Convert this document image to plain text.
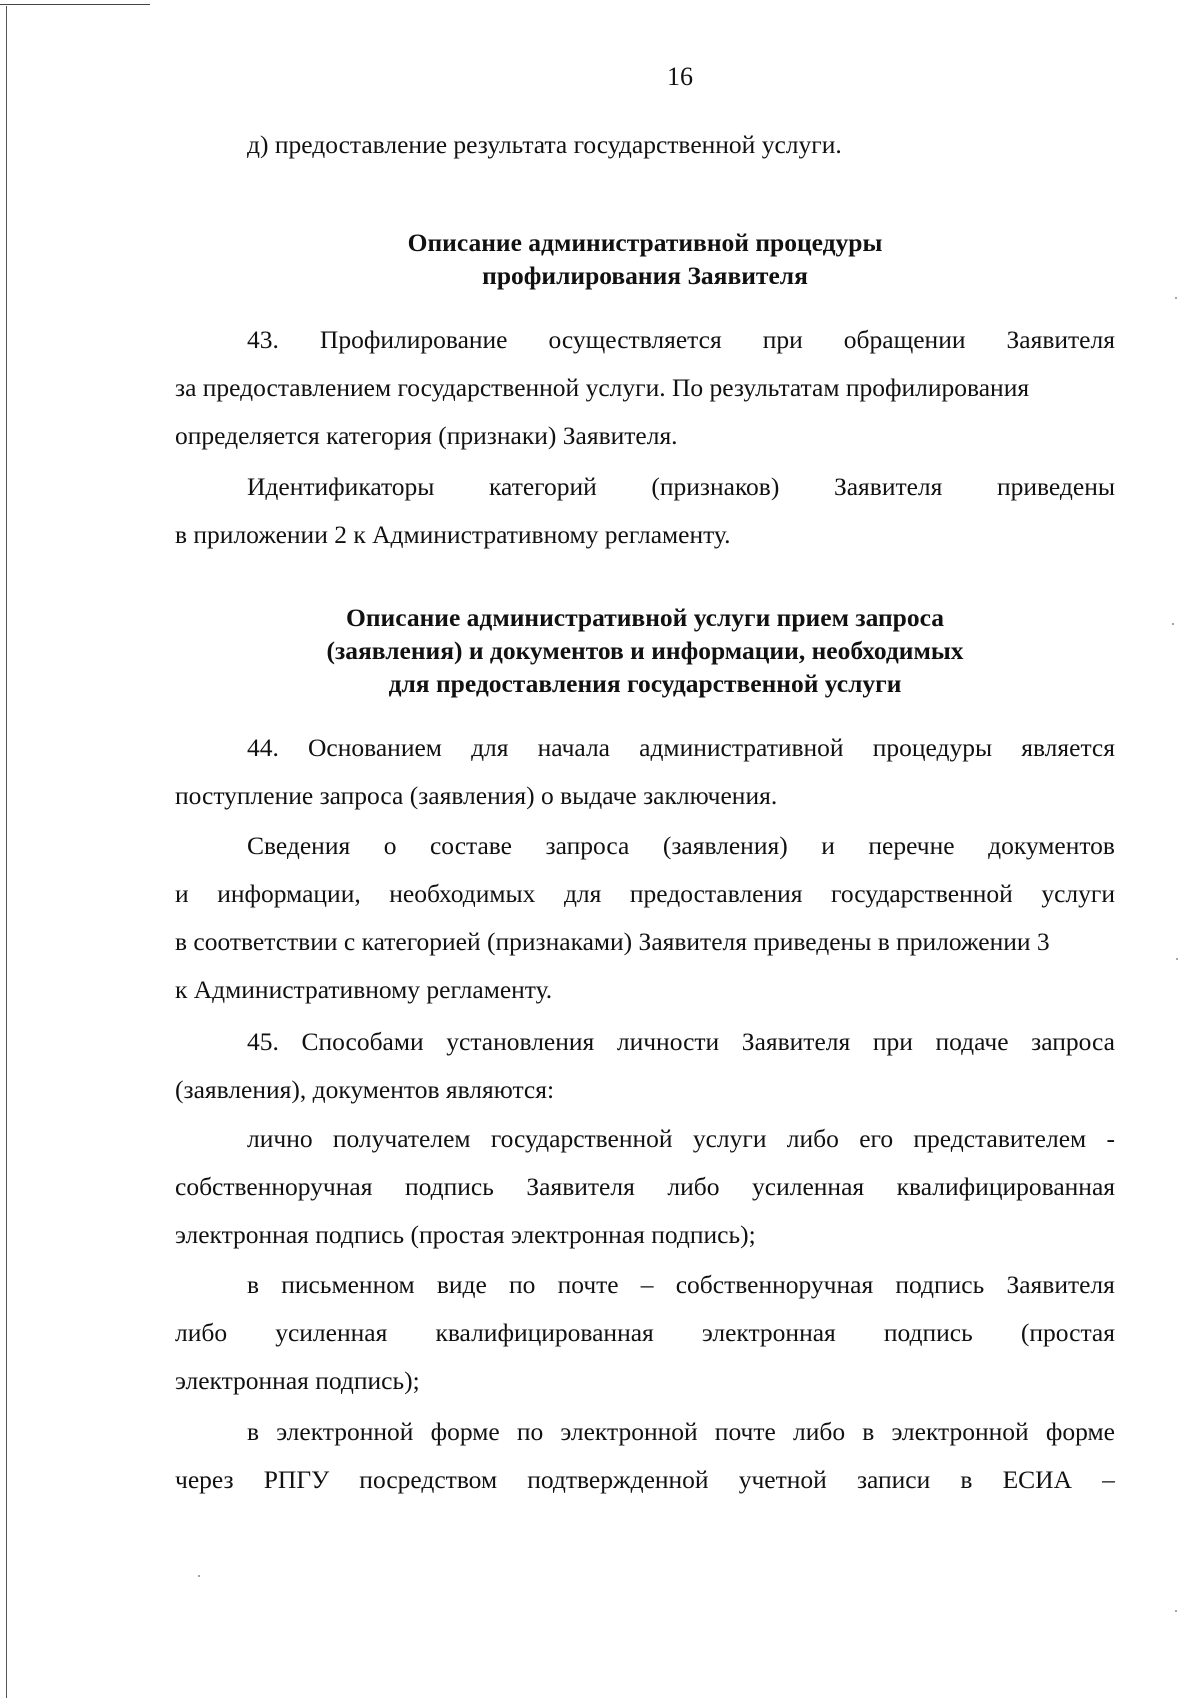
16
д) предоставление результата государственной услуги.
Описание административной процедуры
профилирования Заявителя
43. Профилирование осуществляется при обращении Заявителя
за предоставлением государственной услуги. По результатам профилирования
определяется категория (признаки) Заявителя.
Идентификаторы категорий (признаков) Заявителя приведены
в приложении 2 к Административному регламенту.
Описание административной услуги прием запроса
(заявления) и документов и информации, необходимых
для предоставления государственной услуги
44. Основанием для начала административной процедуры является
поступление запроса (заявления) о выдаче заключения.
Сведения о составе запроса (заявления) и перечне документов
и информации, необходимых для предоставления государственной услуги
в соответствии с категорией (признаками) Заявителя приведены в приложении 3
к Административному регламенту.
45. Способами установления личности Заявителя при подаче запроса
(заявления), документов являются:
лично получателем государственной услуги либо его представителем -
собственноручная подпись Заявителя либо усиленная квалифицированная
электронная подпись (простая электронная подпись);
в письменном виде по почте – собственноручная подпись Заявителя
либо усиленная квалифицированная электронная подпись (простая
электронная подпись);
в электронной форме по электронной почте либо в электронной форме
через РПГУ посредством подтвержденной учетной записи в ЕСИА –
